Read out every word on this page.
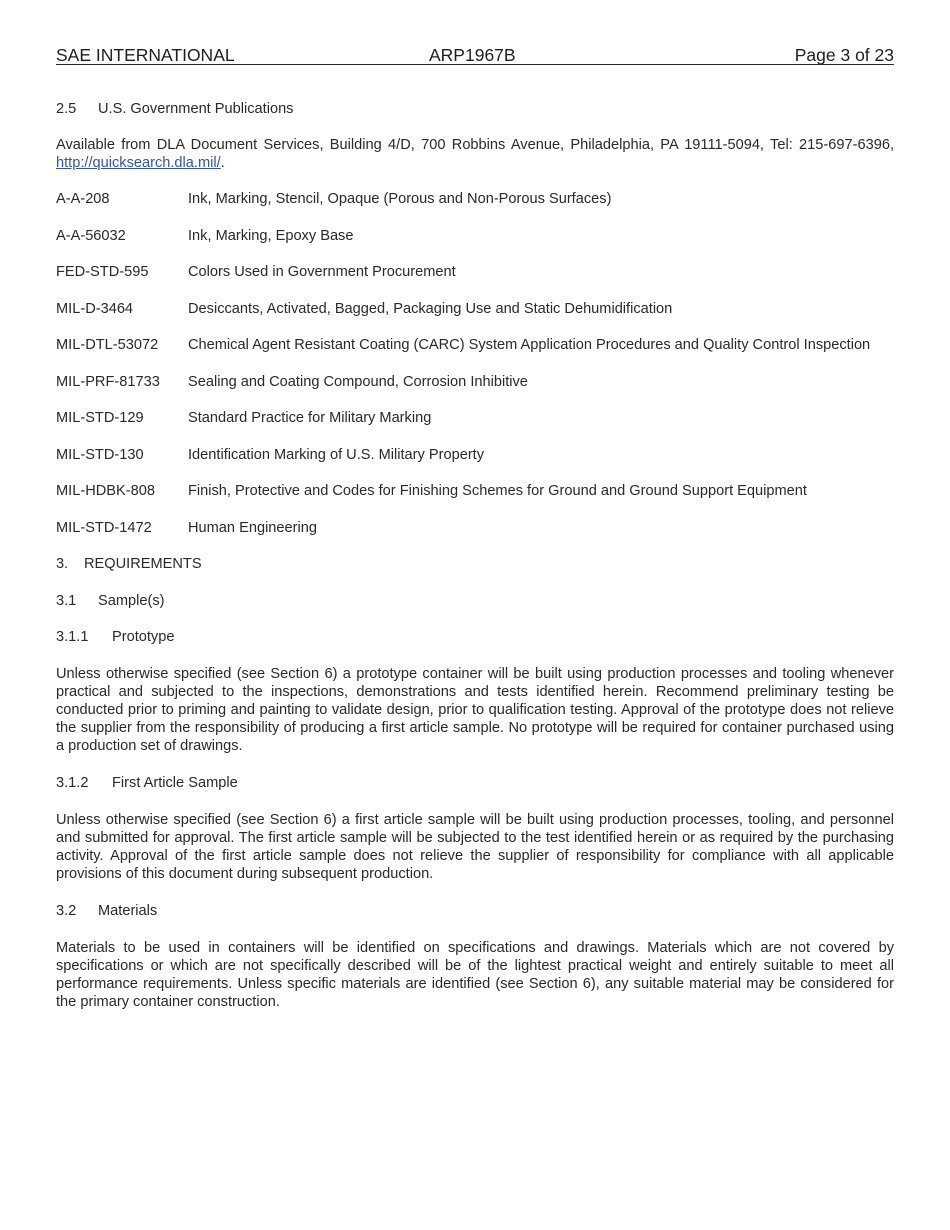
SAE INTERNATIONAL	ARP1967B	Page 3 of 23
2.5 U.S. Government Publications

Available from DLA Document Services, Building 4/D, 700 Robbins Avenue, Philadelphia, PA 19111-5094, Tel: 215-697-6396, http://quicksearch.dla.mil/.

A-A-208	Ink, Marking, Stencil, Opaque (Porous and Non-Porous Surfaces)
A-A-56032	Ink, Marking, Epoxy Base
FED-STD-595	Colors Used in Government Procurement
MIL-D-3464	Desiccants, Activated, Bagged, Packaging Use and Static Dehumidification
MIL-DTL-53072	Chemical Agent Resistant Coating (CARC) System Application Procedures and Quality Control Inspection
MIL-PRF-81733	Sealing and Coating Compound, Corrosion Inhibitive
MIL-STD-129	Standard Practice for Military Marking
MIL-STD-130	Identification Marking of U.S. Military Property
MIL-HDBK-808	Finish, Protective and Codes for Finishing Schemes for Ground and Ground Support Equipment
MIL-STD-1472	Human Engineering
3. REQUIREMENTS
3.1 Sample(s)
3.1.1 Prototype

Unless otherwise specified (see Section 6) a prototype container will be built using production processes and tooling whenever practical and subjected to the inspections, demonstrations and tests identified herein. Recommend preliminary testing be conducted prior to priming and painting to validate design, prior to qualification testing. Approval of the prototype does not relieve the supplier from the responsibility of producing a first article sample. No prototype will be required for container purchased using a production set of drawings.

3.1.2 First Article Sample

Unless otherwise specified (see Section 6) a first article sample will be built using production processes, tooling, and personnel and submitted for approval. The first article sample will be subjected to the test identified herein or as required by the purchasing activity. Approval of the first article sample does not relieve the supplier of responsibility for compliance with all applicable provisions of this document during subsequent production.

3.2 Materials

Materials to be used in containers will be identified on specifications and drawings. Materials which are not covered by specifications or which are not specifically described will be of the lightest practical weight and entirely suitable to meet all performance requirements. Unless specific materials are identified (see Section 6), any suitable material may be considered for the primary container construction.
